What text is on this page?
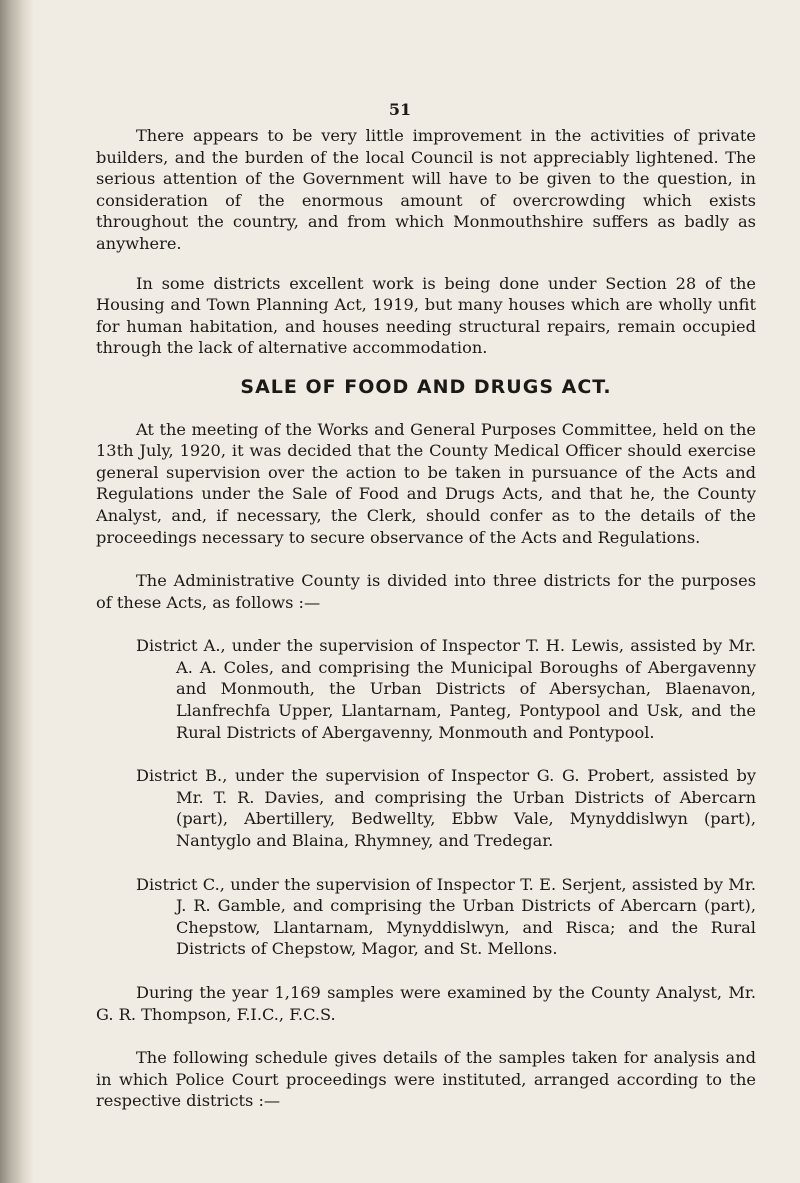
51

There appears to be very little improvement in the activities of private builders, and the burden of the local Council is not appreciably lightened. The serious attention of the Government will have to be given to the question, in consideration of the enormous amount of overcrowding which exists throughout the country, and from which Monmouthshire suffers as badly as anywhere.

In some districts excellent work is being done under Section 28 of the Housing and Town Planning Act, 1919, but many houses which are wholly unfit for human habitation, and houses needing structural repairs, remain occupied through the lack of alternative accommodation.

SALE OF FOOD AND DRUGS ACT.

At the meeting of the Works and General Purposes Committee, held on the 13th July, 1920, it was decided that the County Medical Officer should exercise general supervision over the action to be taken in pursuance of the Acts and Regulations under the Sale of Food and Drugs Acts, and that he, the County Analyst, and, if necessary, the Clerk, should confer as to the details of the proceedings necessary to secure observance of the Acts and Regulations.

The Administrative County is divided into three districts for the purposes of these Acts, as follows :—

District A., under the supervision of Inspector T. H. Lewis, assisted by Mr. A. A. Coles, and comprising the Municipal Boroughs of Abergavenny and Monmouth, the Urban Districts of Abersychan, Blaenavon, Llanfrechfa Upper, Llantarnam, Panteg, Pontypool and Usk, and the Rural Districts of Abergavenny, Monmouth and Pontypool.

District B., under the supervision of Inspector G. G. Probert, assisted by Mr. T. R. Davies, and comprising the Urban Districts of Abercarn (part), Abertillery, Bedwellty, Ebbw Vale, Mynyddislwyn (part), Nantyglo and Blaina, Rhymney, and Tredegar.

District C., under the supervision of Inspector T. E. Serjent, assisted by Mr. J. R. Gamble, and comprising the Urban Districts of Abercarn (part), Chepstow, Llantarnam, Mynyddislwyn, and Risca; and the Rural Districts of Chepstow, Magor, and St. Mellons.

During the year 1,169 samples were examined by the County Analyst, Mr. G. R. Thompson, F.I.C., F.C.S.

The following schedule gives details of the samples taken for analysis and in which Police Court proceedings were instituted, arranged according to the respective districts :—
